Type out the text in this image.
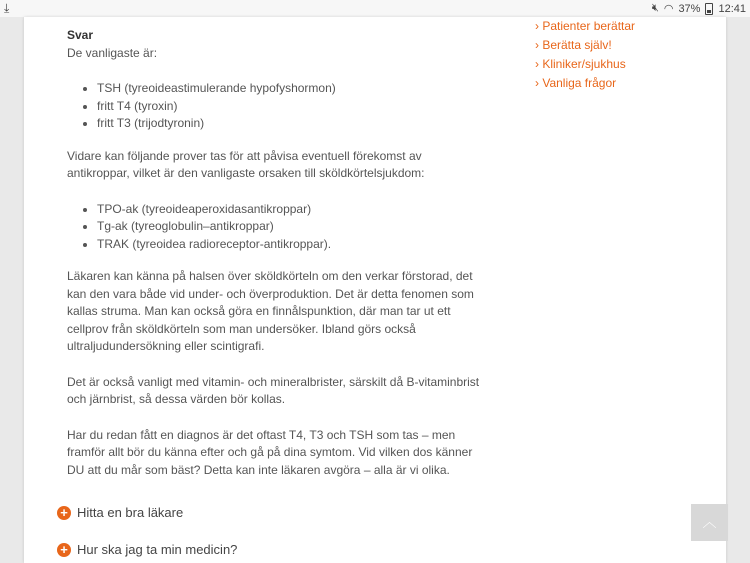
⤓	🔇︎ ◠ 37% 12:41
› Patienter berättar
› Berätta själv!
› Kliniker/sjukhus
› Vanliga frågor
Svar

De vanligaste är:

• TSH (tyreoideastimulerande hypofyshormon)
• fritt T4 (tyroxin)
• fritt T3 (trijodtyronin)

Vidare kan följande prover tas för att påvisa eventuell förekomst av antikroppar, vilket är den vanligaste orsaken till sköldkörtelsjukdom:

• TPO-ak (tyreoideaperoxidasantikroppar)
• Tg-ak (tyreoglobulin–antikroppar)
• TRAK (tyreoidea radioreceptor-antikroppar).

Läkaren kan känna på halsen över sköldkörteln om den verkar förstorad, det kan den vara både vid under- och överproduktion. Det är detta fenomen som kallas struma. Man kan också göra en finnålspunktion, där man tar ut ett cellprov från sköldkörteln som man undersöker. Ibland görs också ultraljudundersökning eller scintigrafi.

Det är också vanligt med vitamin- och mineralbrister, särskilt då B-vitaminbrist och järnbrist, så dessa värden bör kollas.

Har du redan fått en diagnos är det oftast T4, T3 och TSH som tas – men framför allt bör du känna efter och gå på dina symtom. Vid vilken dos känner DU att du mår som bäst? Detta kan inte läkaren avgöra – alla är vi olika.

+ Hitta en bra läkare
+ Hur ska jag ta min medicin?
︿
